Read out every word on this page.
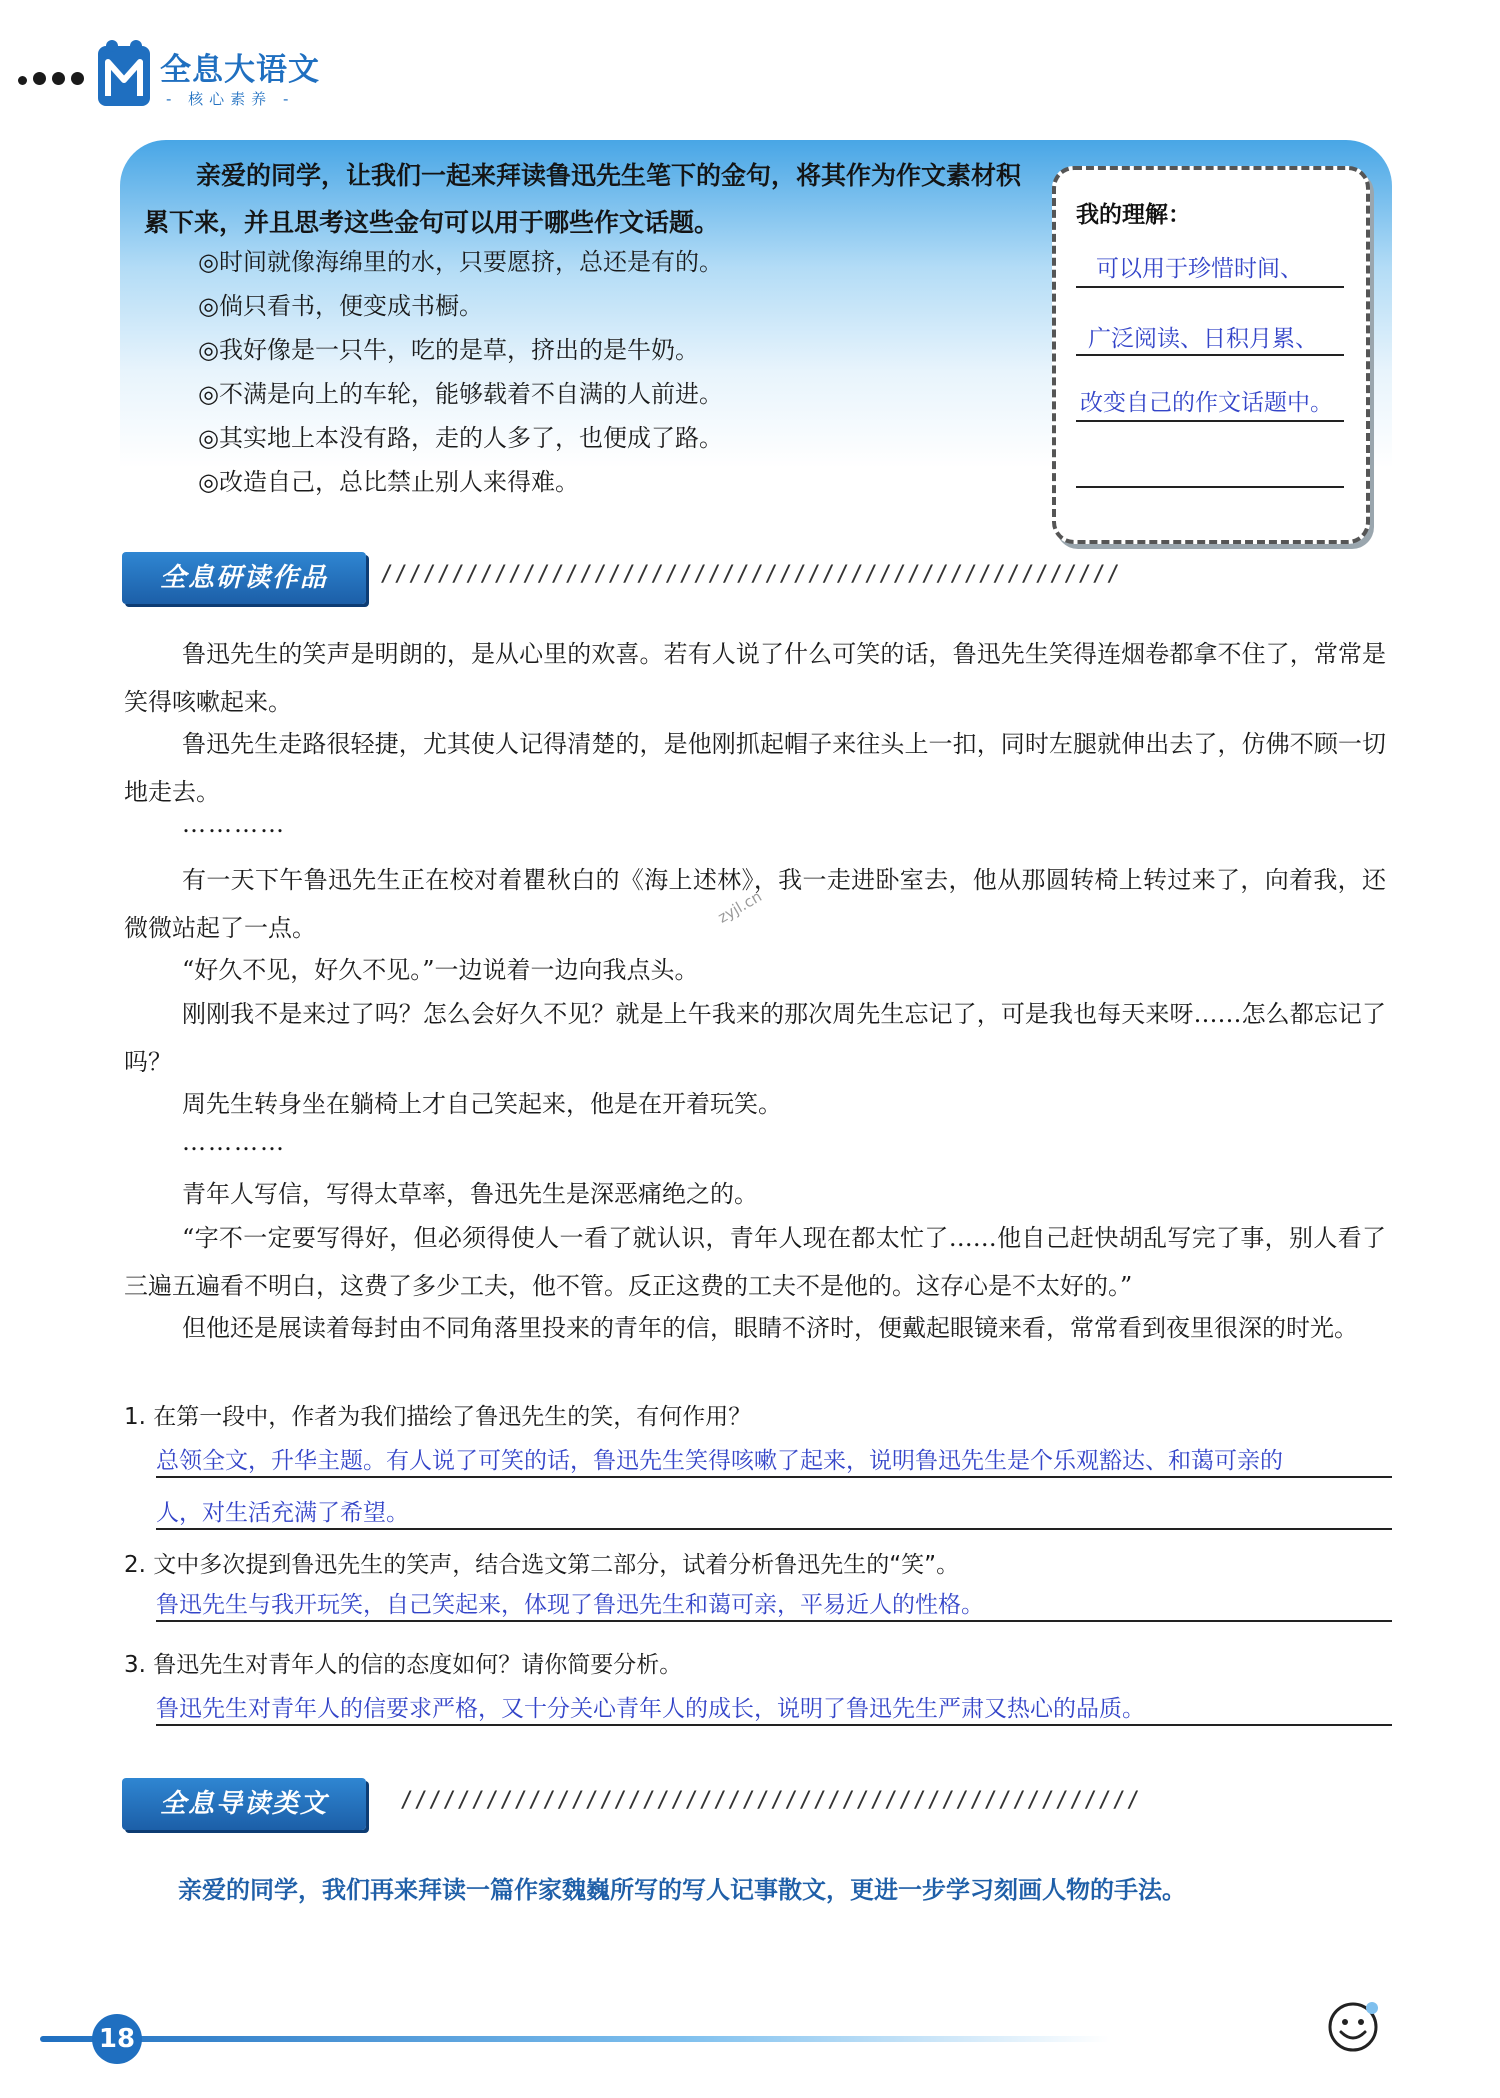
全息大语文
- 核心素养 -
亲爱的同学，让我们一起来拜读鲁迅先生笔下的金句，将其作为作文素材积累下来，并且思考这些金句可以用于哪些作文话题。
◎时间就像海绵里的水，只要愿挤，总还是有的。
◎倘只看书，便变成书橱。
◎我好像是一只牛，吃的是草，挤出的是牛奶。
◎不满是向上的车轮，能够载着不自满的人前进。
◎其实地上本没有路，走的人多了，也便成了路。
◎改造自己，总比禁止别人来得难。
我的理解：
可以用于珍惜时间、
广泛阅读、日积月累、
改变自己的作文话题中。
全息研读作品	////////////////////////////////////////////////////
鲁迅先生的笑声是明朗的，是从心里的欢喜。若有人说了什么可笑的话，鲁迅先生笑得连烟卷都拿不住了，常常是笑得咳嗽起来。
鲁迅先生走路很轻捷，尤其使人记得清楚的，是他刚抓起帽子来往头上一扣，同时左腿就伸出去了，仿佛不顾一切地走去。
…………
有一天下午鲁迅先生正在校对着瞿秋白的《海上述林》，我一走进卧室去，他从那圆转椅上转过来了，向着我，还微微站起了一点。
“好久不见，好久不见。”一边说着一边向我点头。
刚刚我不是来过了吗？怎么会好久不见？就是上午我来的那次周先生忘记了，可是我也每天来呀……怎么都忘记了吗？
周先生转身坐在躺椅上才自己笑起来，他是在开着玩笑。
…………
青年人写信，写得太草率，鲁迅先生是深恶痛绝之的。
“字不一定要写得好，但必须得使人一看了就认识，青年人现在都太忙了……他自己赶快胡乱写完了事，别人看了三遍五遍看不明白，这费了多少工夫，他不管。反正这费的工夫不是他的。这存心是不太好的。”
但他还是展读着每封由不同角落里投来的青年的信，眼睛不济时，便戴起眼镜来看，常常看到夜里很深的时光。
zyjl.cn
1. 在第一段中，作者为我们描绘了鲁迅先生的笑，有何作用？
总领全文，升华主题。有人说了可笑的话，鲁迅先生笑得咳嗽了起来，说明鲁迅先生是个乐观豁达、和蔼可亲的
人，对生活充满了希望。
2. 文中多次提到鲁迅先生的笑声，结合选文第二部分，试着分析鲁迅先生的“笑”。
鲁迅先生与我开玩笑，自己笑起来，体现了鲁迅先生和蔼可亲，平易近人的性格。
3. 鲁迅先生对青年人的信的态度如何？请你简要分析。
鲁迅先生对青年人的信要求严格，又十分关心青年人的成长，说明了鲁迅先生严肃又热心的品质。
全息导读类文	////////////////////////////////////////////////////
亲爱的同学，我们再来拜读一篇作家魏巍所写的写人记事散文，更进一步学习刻画人物的手法。
18
